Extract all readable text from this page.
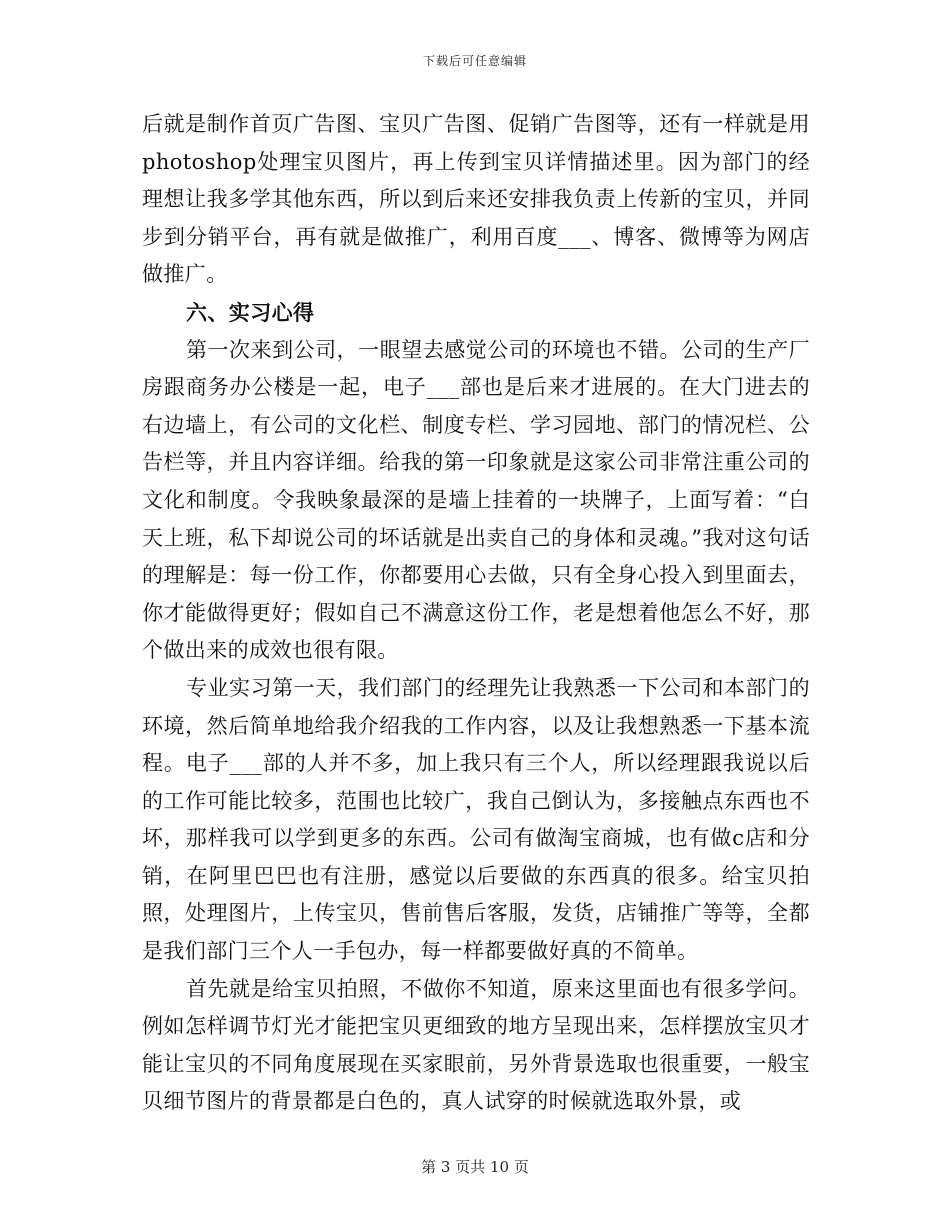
下载后可任意编辑

后就是制作首页广告图、宝贝广告图、促销广告图等，还有一样就是用photoshop处理宝贝图片，再上传到宝贝详情描述里。因为部门的经理想让我多学其他东西，所以到后来还安排我负责上传新的宝贝，并同步到分销平台，再有就是做推广，利用百度___、博客、微博等为网店做推广。

六、实习心得

第一次来到公司，一眼望去感觉公司的环境也不错。公司的生产厂房跟商务办公楼是一起，电子___部也是后来才进展的。在大门进去的右边墙上，有公司的文化栏、制度专栏、学习园地、部门的情况栏、公告栏等，并且内容详细。给我的第一印象就是这家公司非常注重公司的文化和制度。令我映象最深的是墙上挂着的一块牌子，上面写着：“白天上班，私下却说公司的坏话就是出卖自己的身体和灵魂。”我对这句话的理解是：每一份工作，你都要用心去做，只有全身心投入到里面去，你才能做得更好；假如自己不满意这份工作，老是想着他怎么不好，那个做出来的成效也很有限。

专业实习第一天，我们部门的经理先让我熟悉一下公司和本部门的环境，然后简单地给我介绍我的工作内容，以及让我想熟悉一下基本流程。电子___部的人并不多，加上我只有三个人，所以经理跟我说以后的工作可能比较多，范围也比较广，我自己倒认为，多接触点东西也不坏，那样我可以学到更多的东西。公司有做淘宝商城，也有做c店和分销，在阿里巴巴也有注册，感觉以后要做的东西真的很多。给宝贝拍照，处理图片，上传宝贝，售前售后客服，发货，店铺推广等等，全都是我们部门三个人一手包办，每一样都要做好真的不简单。

首先就是给宝贝拍照，不做你不知道，原来这里面也有很多学问。例如怎样调节灯光才能把宝贝更细致的地方呈现出来，怎样摆放宝贝才能让宝贝的不同角度展现在买家眼前，另外背景选取也很重要，一般宝贝细节图片的背景都是白色的，真人试穿的时候就选取外景，或

第 3 页共 10 页
